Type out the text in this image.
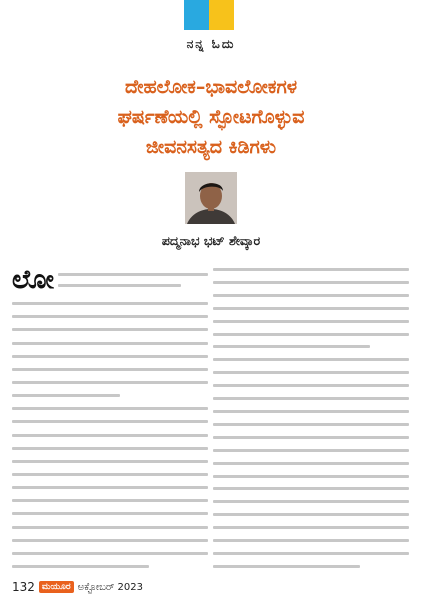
ನನ್ನ ಓದು
ದೇಹಲೋಕ–ಭಾವಲೋಕಗಳ
ಘರ್ಷಣೆಯಲ್ಲಿ ಸ್ಫೋಟಗೊಳ್ಳುವ
ಜೀವನಸತ್ಯದ ಕಿಡಿಗಳು
ಪದ್ಮನಾಭ ಭಟ್ ಶೇವ್ಕಾರ
ಲೋ
132 ಮಯೂರ ಅಕ್ಟೋಬರ್ 2023
